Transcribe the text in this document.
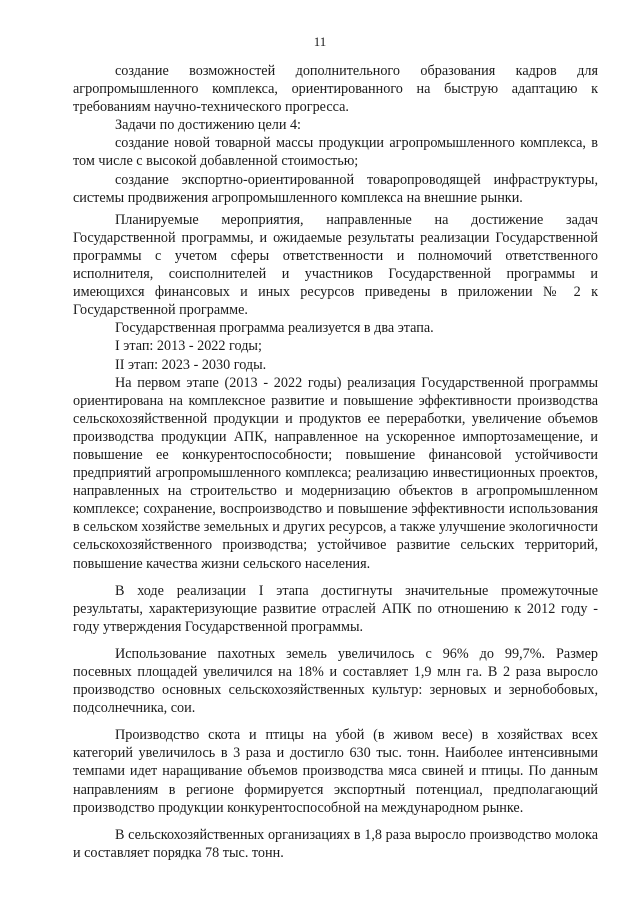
11

создание возможностей дополнительного образования кадров для агропромышленного комплекса, ориентированного на быструю адаптацию к требованиям научно-технического прогресса.

Задачи по достижению цели 4:

создание новой товарной массы продукции агропромышленного комплекса, в том числе с высокой добавленной стоимостью;

создание экспортно-ориентированной товаропроводящей инфраструктуры, системы продвижения агропромышленного комплекса на внешние рынки.

Планируемые мероприятия, направленные на достижение задач Государственной программы, и ожидаемые результаты реализации Государственной программы с учетом сферы ответственности и полномочий ответственного исполнителя, соисполнителей и участников Государственной программы и имеющихся финансовых и иных ресурсов приведены в приложении № 2 к Государственной программе.

Государственная программа реализуется в два этапа.

I этап: 2013 - 2022 годы;

II этап: 2023 - 2030 годы.

На первом этапе (2013 - 2022 годы) реализация Государственной программы ориентирована на комплексное развитие и повышение эффективности производства сельскохозяйственной продукции и продуктов ее переработки, увеличение объемов производства продукции АПК, направленное на ускоренное импортозамещение, и повышение ее конкурентоспособности; повышение финансовой устойчивости предприятий агропромышленного комплекса; реализацию инвестиционных проектов, направленных на строительство и модернизацию объектов в агропромышленном комплексе; сохранение, воспроизводство и повышение эффективности использования в сельском хозяйстве земельных и других ресурсов, а также улучшение экологичности сельскохозяйственного производства; устойчивое развитие сельских территорий, повышение качества жизни сельского населения.

В ходе реализации I этапа достигнуты значительные промежуточные результаты, характеризующие развитие отраслей АПК по отношению к 2012 году - году утверждения Государственной программы.

Использование пахотных земель увеличилось с 96% до 99,7%. Размер посевных площадей увеличился на 18% и составляет 1,9 млн га. В 2 раза выросло производство основных сельскохозяйственных культур: зерновых и зернобобовых, подсолнечника, сои.

Производство скота и птицы на убой (в живом весе) в хозяйствах всех категорий увеличилось в 3 раза и достигло 630 тыс. тонн. Наиболее интенсивными темпами идет наращивание объемов производства мяса свиней и птицы. По данным направлениям в регионе формируется экспортный потенциал, предполагающий производство продукции конкурентоспособной на международном рынке.

В сельскохозяйственных организациях в 1,8 раза выросло производство молока и составляет порядка 78 тыс. тонн.
